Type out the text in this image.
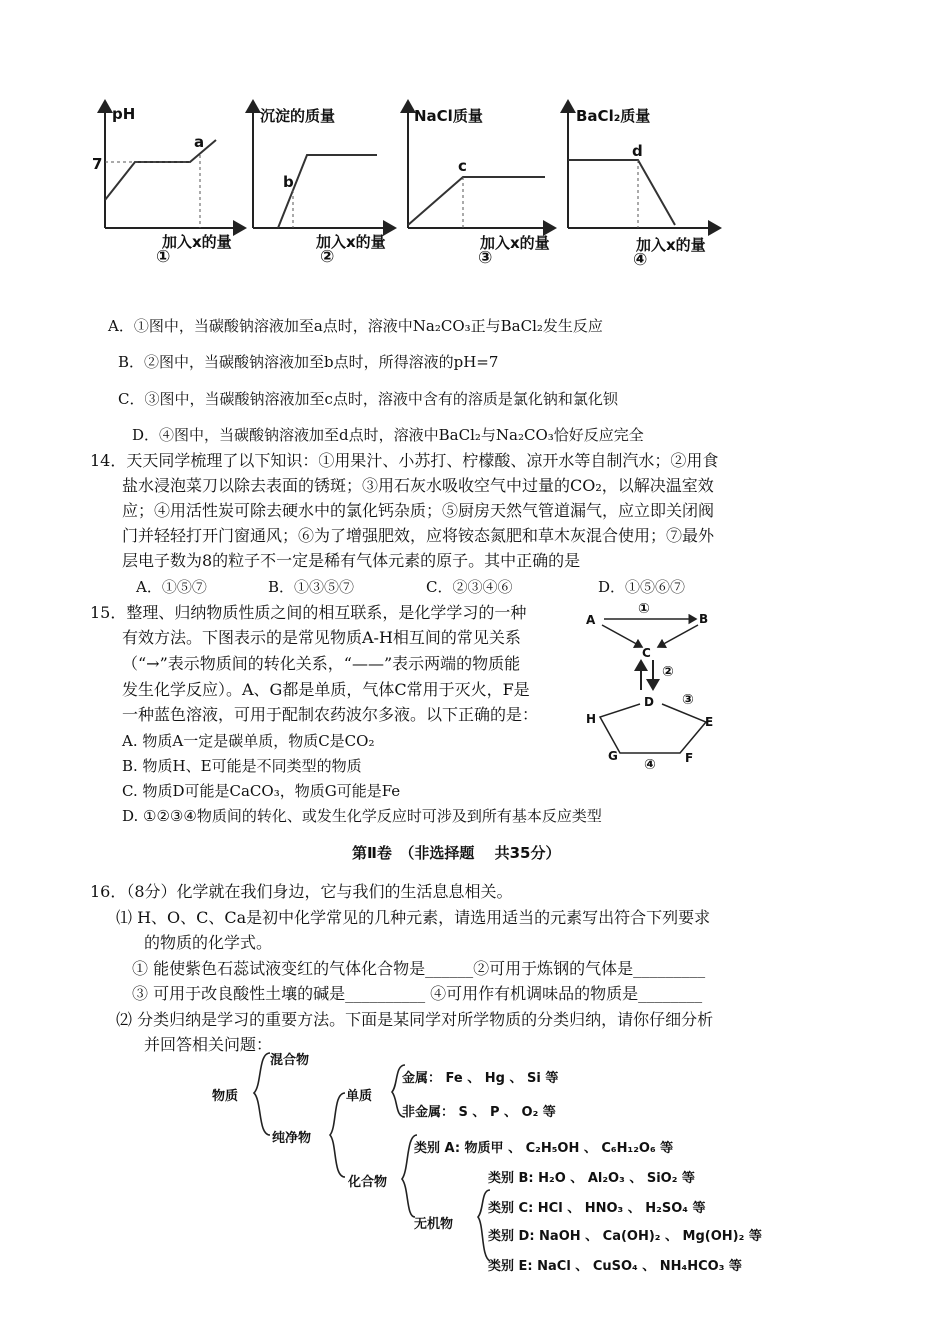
pH
7
a
加入x的量
①
沉淀的质量
b
加入x的量
②
NaCl质量
c
加入x的量
③
BaCl₂质量
d
加入x的量
④
A．①图中，当碳酸钠溶液加至a点时，溶液中Na₂CO₃正与BaCl₂发生反应
B．②图中，当碳酸钠溶液加至b点时，所得溶液的pH=7
C．③图中，当碳酸钠溶液加至c点时，溶液中含有的溶质是氯化钠和氯化钡
D．④图中，当碳酸钠溶液加至d点时，溶液中BaCl₂与Na₂CO₃恰好反应完全
14．天天同学梳理了以下知识：①用果汁、小苏打、柠檬酸、凉开水等自制汽水；②用食
盐水浸泡菜刀以除去表面的锈斑；③用石灰水吸收空气中过量的CO₂，以解决温室效
应；④用活性炭可除去硬水中的氯化钙杂质；⑤厨房天然气管道漏气，应立即关闭阀
门并轻轻打开门窗通风；⑥为了增强肥效，应将铵态氮肥和草木灰混合使用；⑦最外
层电子数为8的粒子不一定是稀有气体元素的原子。其中正确的是
A．①⑤⑦	B．①③⑤⑦	C．②③④⑥	D．①⑤⑥⑦
15．整理、归纳物质性质之间的相互联系，是化学学习的一种
有效方法。下图表示的是常见物质A-H相互间的常见关系
（“→”表示物质间的转化关系，“——”表示两端的物质能
发生化学反应）。A、G都是单质，气体C常用于灭火，F是
一种蓝色溶液，可用于配制农药波尔多液。以下正确的是：
A. 物质A一定是碳单质，物质C是CO₂
B. 物质H、E可能是不同类型的物质
C. 物质D可能是CaCO₃，物质G可能是Fe
D. ①②③④物质间的转化、或发生化学反应时可涉及到所有基本反应类型
A	B
C
D
E
F
G
H
①
②
③
④
第Ⅱ卷　（非选择题　 共35分）
16．（8分）化学就在我们身边，它与我们的生活息息相关。
⑴ H、O、C、Ca是初中化学常见的几种元素，请选用适当的元素写出符合下列要求
的物质的化学式。
① 能使紫色石蕊试液变红的气体化合物是______②可用于炼钢的气体是_________
③ 可用于改良酸性土壤的碱是__________ ④可用作有机调味品的物质是________
⑵ 分类归纳是学习的重要方法。下面是某同学对所学物质的分类归纳，请你仔细分析
并回答相关问题：
物质
混合物
纯净物
单质
金属： Fe 、 Hg 、 Si 等
非金属： S 、 P 、 O₂ 等
化合物
类别 A: 物质甲 、 C₂H₅OH 、 C₆H₁₂O₆ 等
类别 B: H₂O 、 Al₂O₃ 、 SiO₂ 等
无机物
类别 C: HCl 、 HNO₃ 、 H₂SO₄ 等
类别 D: NaOH 、 Ca(OH)₂ 、 Mg(OH)₂ 等
类别 E: NaCl 、 CuSO₄ 、 NH₄HCO₃ 等
